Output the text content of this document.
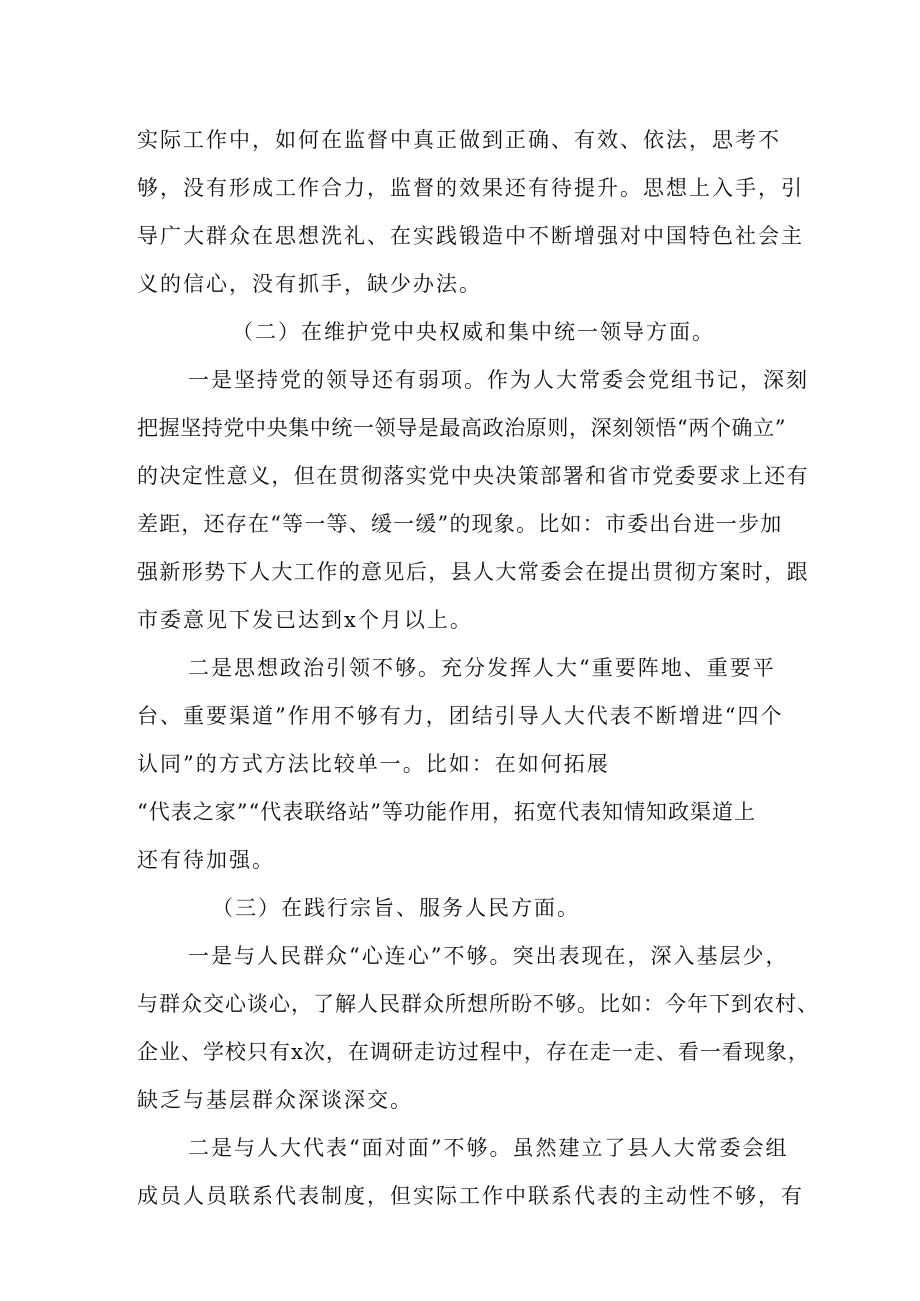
实际工作中，如何在监督中真正做到正确、有效、依法，思考不
够，没有形成工作合力，监督的效果还有待提升。思想上入手，引
导广大群众在思想洗礼、在实践锻造中不断增强对中国特色社会主
义的信心，没有抓手，缺少办法。
（二）在维护党中央权威和集中统一领导方面。
一是坚持党的领导还有弱项。作为人大常委会党组书记，深刻
把握坚持党中央集中统一领导是最高政治原则，深刻领悟“两个确立”
的决定性意义，但在贯彻落实党中央决策部署和省市党委要求上还有
差距，还存在“等一等、缓一缓”的现象。比如：市委出台进一步加
强新形势下人大工作的意见后，县人大常委会在提出贯彻方案时，跟
市委意见下发已达到x个月以上。
二是思想政治引领不够。充分发挥人大“重要阵地、重要平
台、重要渠道”作用不够有力，团结引导人大代表不断增进“四个
认同”的方式方法比较单一。比如：在如何拓展
“代表之家”“代表联络站”等功能作用，拓宽代表知情知政渠道上
还有待加强。
（三）在践行宗旨、服务人民方面。
一是与人民群众“心连心”不够。突出表现在，深入基层少，
与群众交心谈心，了解人民群众所想所盼不够。比如：今年下到农村、
企业、学校只有x次，在调研走访过程中，存在走一走、看一看现象，
缺乏与基层群众深谈深交。
二是与人大代表“面对面”不够。虽然建立了县人大常委会组
成员人员联系代表制度，但实际工作中联系代表的主动性不够，有
